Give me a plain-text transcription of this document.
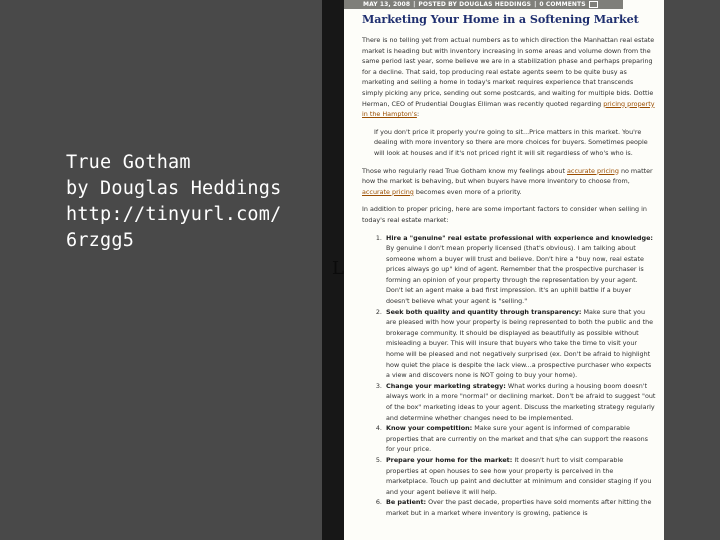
True Gotham
by Douglas Heddings
http://tinyurl.com/
6rzgg5
L
MAY 13, 2008 | POSTED BY DOUGLAS HEDDINGS | 0 COMMENTS
Marketing Your Home in a Softening Market

There is no telling yet from actual numbers as to which direction the Manhattan real estate market is heading but with inventory increasing in some areas and volume down from the same period last year, some believe we are in a stabilization phase and perhaps preparing for a decline. That said, top producing real estate agents seem to be quite busy as marketing and selling a home in today's market requires experience that transcends simply picking any price, sending out some postcards, and waiting for multiple bids. Dottie Herman, CEO of Prudential Douglas Elliman was recently quoted regarding pricing property in the Hampton's:

If you don't price it properly you're going to sit...Price matters in this market. You're dealing with more inventory so there are more choices for buyers. Sometimes people will look at houses and if it's not priced right it will sit regardless of who's who is.

Those who regularly read True Gotham know my feelings about accurate pricing no matter how the market is behaving, but when buyers have more inventory to choose from, accurate pricing becomes even more of a priority.

In addition to proper pricing, here are some important factors to consider when selling in today's real estate market:

1. Hire a "genuine" real estate professional with experience and knowledge: By genuine I don't mean properly licensed (that's obvious). I am talking about someone whom a buyer will trust and believe. Don't hire a "buy now, real estate prices always go up" kind of agent. Remember that the prospective purchaser is forming an opinion of your property through the representation by your agent. Don't let an agent make a bad first impression. It's an uphill battle if a buyer doesn't believe what your agent is "selling."
2. Seek both quality and quantity through transparency: Make sure that you are pleased with how your property is being represented to both the public and the brokerage community. It should be displayed as beautifully as possible without misleading a buyer. This will insure that buyers who take the time to visit your home will be pleased and not negatively surprised (ex. Don't be afraid to highlight how quiet the place is despite the lack view...a prospective purchaser who expects a view and discovers none is NOT going to buy your home).
3. Change your marketing strategy: What works during a housing boom doesn't always work in a more "normal" or declining market. Don't be afraid to suggest "out of the box" marketing ideas to your agent. Discuss the marketing strategy regularly and determine whether changes need to be implemented.
4. Know your competition: Make sure your agent is informed of comparable properties that are currently on the market and that s/he can support the reasons for your price.
5. Prepare your home for the market: It doesn't hurt to visit comparable properties at open houses to see how your property is perceived in the marketplace. Touch up paint and declutter at minimum and consider staging if you and your agent believe it will help.
6. Be patient: Over the past decade, properties have sold moments after hitting the market but in a market where inventory is growing, patience is
